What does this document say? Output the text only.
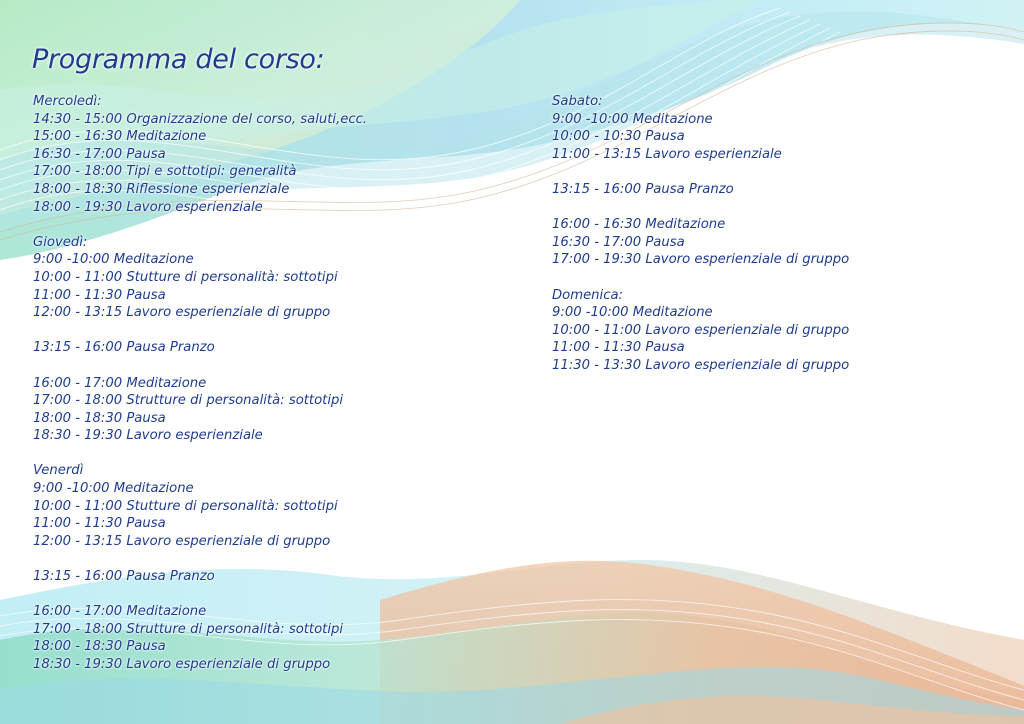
Programma del corso:
Mercoledì:
14:30 - 15:00 Organizzazione del corso, saluti,ecc.
15:00 - 16:30 Meditazione
16:30 - 17:00 Pausa
17:00 - 18:00 Tipi e sottotipi: generalità
18:00 - 18:30 Riflessione esperienziale
18:00 - 19:30 Lavoro esperienziale
Giovedì:
9:00 -10:00 Meditazione
10:00 - 11:00 Stutture di personalità: sottotipi
11:00 - 11:30 Pausa
12:00 - 13:15 Lavoro esperienziale di gruppo
13:15 - 16:00 Pausa Pranzo
16:00 - 17:00 Meditazione
17:00 - 18:00 Strutture di personalità: sottotipi
18:00 - 18:30 Pausa
18:30 - 19:30 Lavoro esperienziale
Venerdì
9:00 -10:00 Meditazione
10:00 - 11:00 Stutture di personalità: sottotipi
11:00 - 11:30 Pausa
12:00 - 13:15 Lavoro esperienziale di gruppo
13:15 - 16:00 Pausa Pranzo
16:00 - 17:00 Meditazione
17:00 - 18:00 Strutture di personalità: sottotipi
18:00 - 18:30 Pausa
18:30 - 19:30 Lavoro esperienziale di gruppo
Sabato:
9:00 -10:00 Meditazione
10:00 - 10:30 Pausa
11:00 - 13:15 Lavoro esperienziale
13:15 - 16:00 Pausa Pranzo
16:00 - 16:30 Meditazione
16:30 - 17:00 Pausa
17:00 - 19:30 Lavoro esperienziale di gruppo
Domenica:
9:00 -10:00 Meditazione
10:00 - 11:00 Lavoro esperienziale di gruppo
11:00 - 11:30 Pausa
11:30 - 13:30 Lavoro esperienziale di gruppo
